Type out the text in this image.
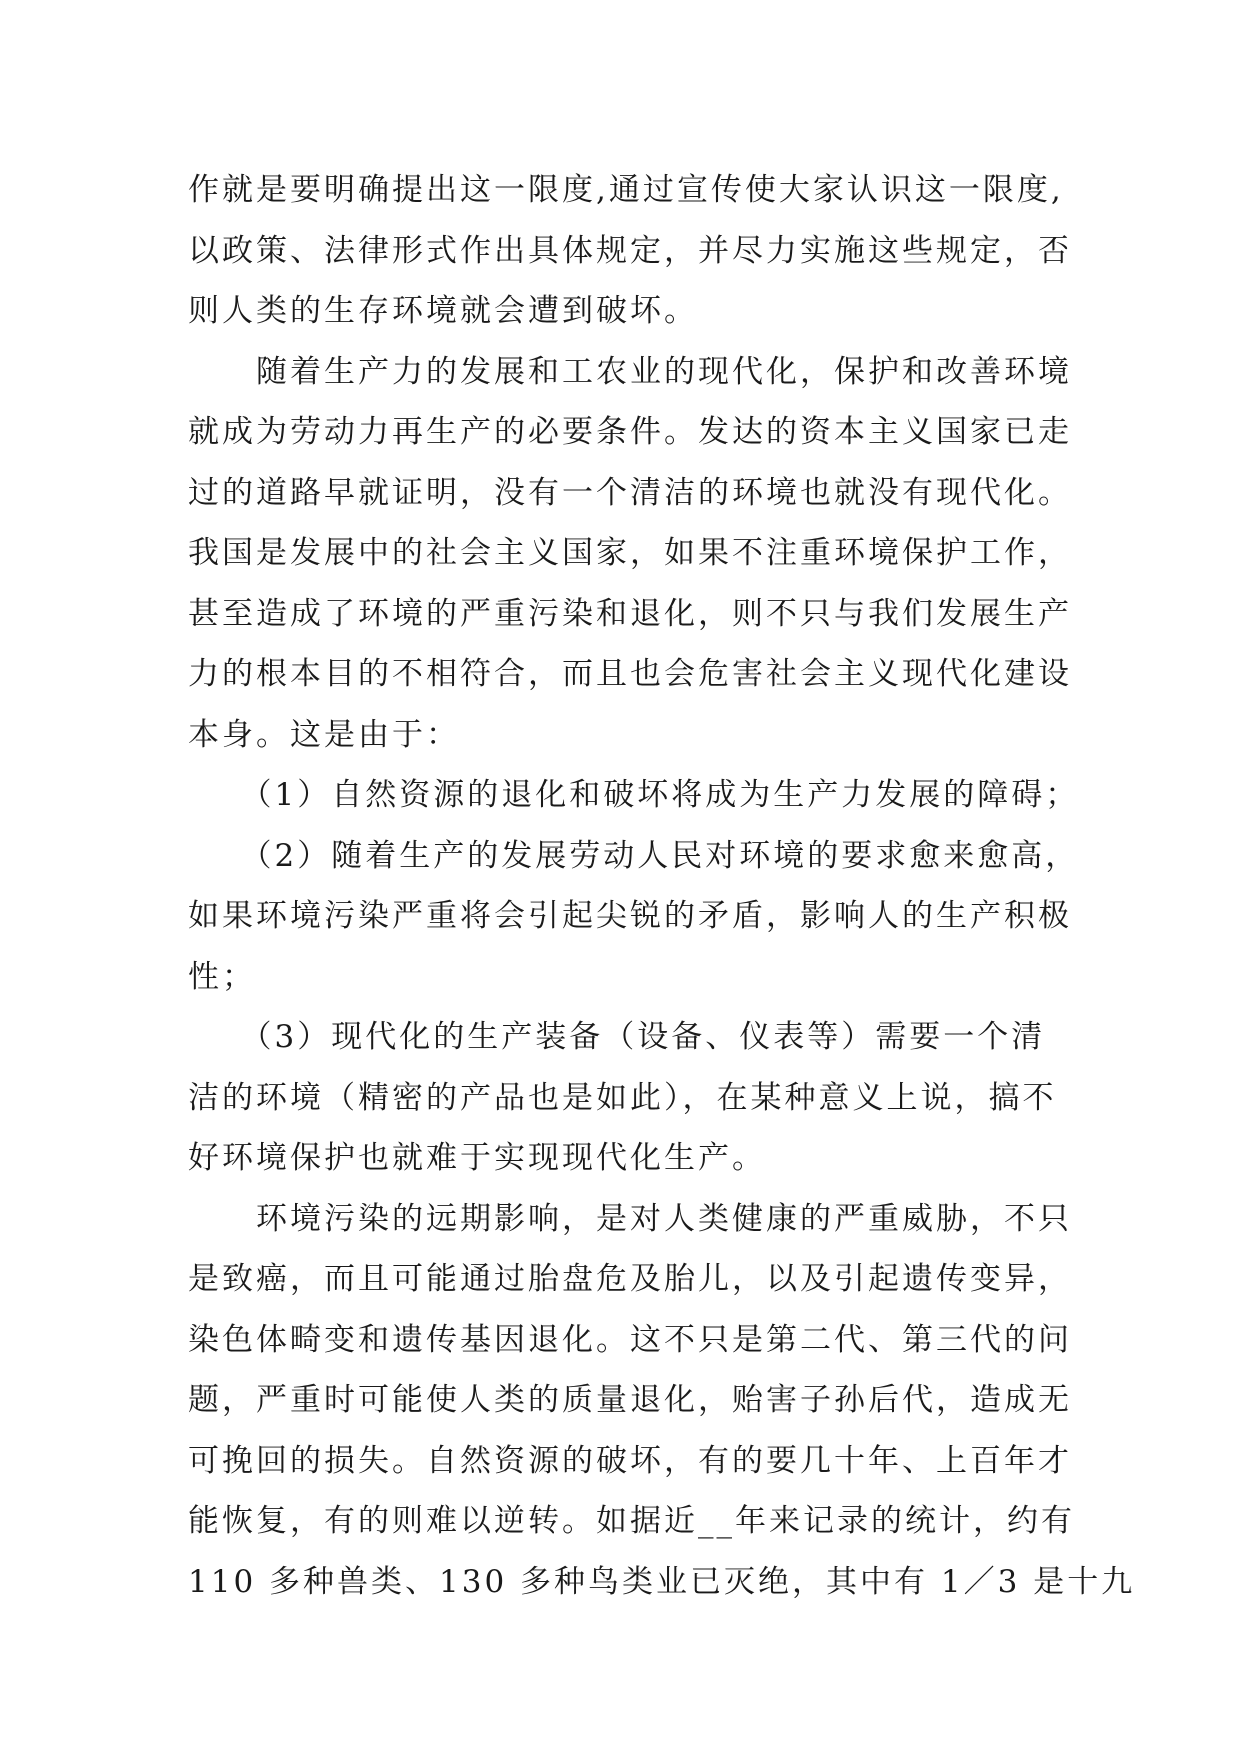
作就是要明确提出这一限度,通过宣传使大家认识这一限度,
以政策、法律形式作出具体规定，并尽力实施这些规定，否
则人类的生存环境就会遭到破坏。
　　随着生产力的发展和工农业的现代化，保护和改善环境
就成为劳动力再生产的必要条件。发达的资本主义国家已走
过的道路早就证明，没有一个清洁的环境也就没有现代化。
我国是发展中的社会主义国家，如果不注重环境保护工作，
甚至造成了环境的严重污染和退化，则不只与我们发展生产
力的根本目的不相符合，而且也会危害社会主义现代化建设
本身。这是由于：
　　（1）自然资源的退化和破坏将成为生产力发展的障碍；
　　（2）随着生产的发展劳动人民对环境的要求愈来愈高，
如果环境污染严重将会引起尖锐的矛盾，影响人的生产积极
性；
　　（3）现代化的生产装备（设备、仪表等）需要一个清
洁的环境（精密的产品也是如此），在某种意义上说，搞不
好环境保护也就难于实现现代化生产。
　　环境污染的远期影响，是对人类健康的严重威胁，不只
是致癌，而且可能通过胎盘危及胎儿，以及引起遗传变异，
染色体畸变和遗传基因退化。这不只是第二代、第三代的问
题，严重时可能使人类的质量退化，贻害子孙后代，造成无
可挽回的损失。自然资源的破坏，有的要几十年、上百年才
能恢复，有的则难以逆转。如据近__年来记录的统计，约有
110 多种兽类、130 多种鸟类业已灭绝，其中有 1／3 是十九
